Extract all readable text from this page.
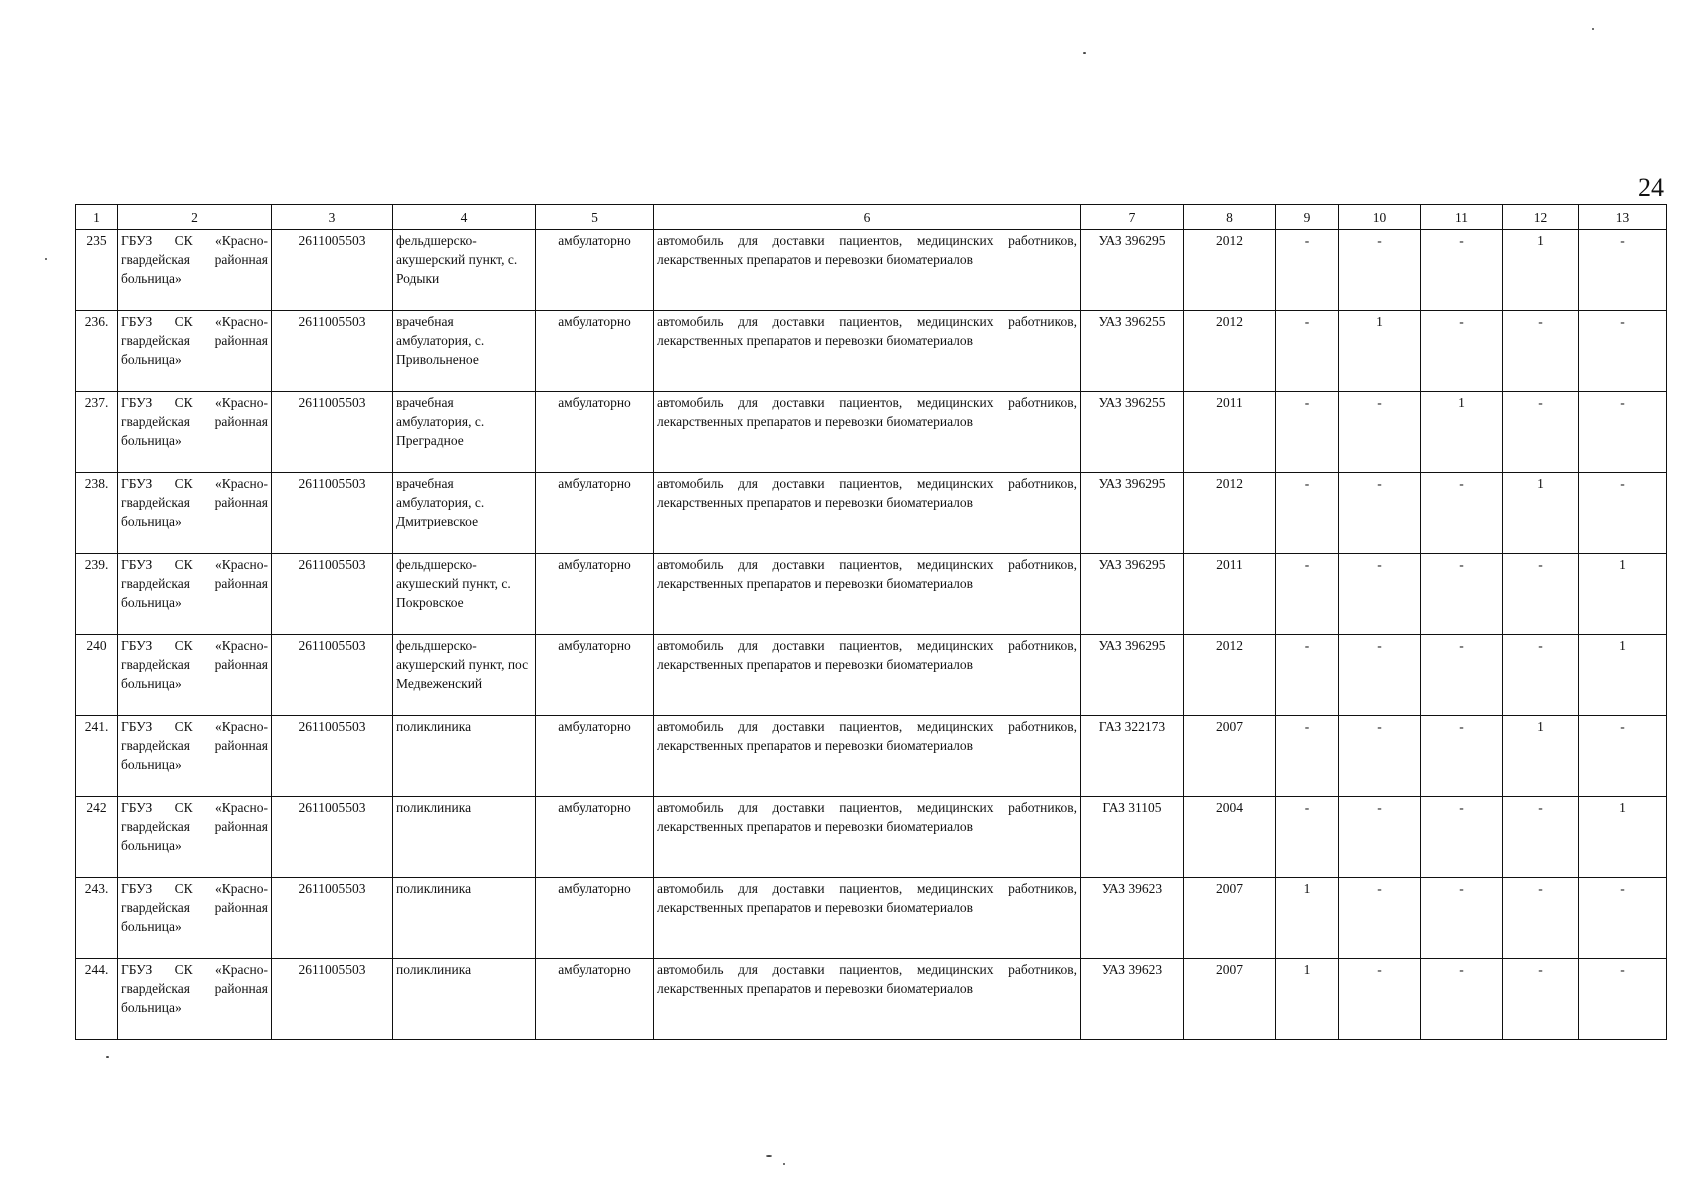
24
1	2	3	4	5	6	7	8	9	10	11	12	13
235	ГБУЗ СК «Красно-гвардейская районная больница»	2611005503	фельдшерско-акушерский пункт, с. Родыки	амбулаторно	автомобиль для доставки пациентов, медицинских работников, лекарственных препаратов и перевозки биоматериалов	УАЗ 396295	2012	-	-	-	1	-
236.	ГБУЗ СК «Красно-гвардейская районная больница»	2611005503	врачебная амбулатория, с. Привольненое	амбулаторно	автомобиль для доставки пациентов, медицинских работников, лекарственных препаратов и перевозки биоматериалов	УАЗ 396255	2012	-	1	-	-	-
237.	ГБУЗ СК «Красно-гвардейская районная больница»	2611005503	врачебная амбулатория, с. Преградное	амбулаторно	автомобиль для доставки пациентов, медицинских работников, лекарственных препаратов и перевозки биоматериалов	УАЗ 396255	2011	-	-	1	-	-
238.	ГБУЗ СК «Красно-гвардейская районная больница»	2611005503	врачебная амбулатория, с. Дмитриевское	амбулаторно	автомобиль для доставки пациентов, медицинских работников, лекарственных препаратов и перевозки биоматериалов	УАЗ 396295	2012	-	-	-	1	-
239.	ГБУЗ СК «Красно-гвардейская районная больница»	2611005503	фельдшерско-акушеский пункт, с. Покровское	амбулаторно	автомобиль для доставки пациентов, медицинских работников, лекарственных препаратов и перевозки биоматериалов	УАЗ 396295	2011	-	-	-	-	1
240	ГБУЗ СК «Красно-гвардейская районная больница»	2611005503	фельдшерско-акушерский пункт, пос Медвеженский	амбулаторно	автомобиль для доставки пациентов, медицинских работников, лекарственных препаратов и перевозки биоматериалов	УАЗ 396295	2012	-	-	-	-	1
241.	ГБУЗ СК «Красно-гвардейская районная больница»	2611005503	поликлиника	амбулаторно	автомобиль для доставки пациентов, медицинских работников, лекарственных препаратов и перевозки биоматериалов	ГАЗ 322173	2007	-	-	-	1	-
242	ГБУЗ СК «Красно-гвардейская районная больница»	2611005503	поликлиника	амбулаторно	автомобиль для доставки пациентов, медицинских работников, лекарственных препаратов и перевозки биоматериалов	ГАЗ 31105	2004	-	-	-	-	1
243.	ГБУЗ СК «Красно-гвардейская районная больница»	2611005503	поликлиника	амбулаторно	автомобиль для доставки пациентов, медицинских работников, лекарственных препаратов и перевозки биоматериалов	УАЗ 39623	2007	1	-	-	-	-
244.	ГБУЗ СК «Красно-гвардейская районная больница»	2611005503	поликлиника	амбулаторно	автомобиль для доставки пациентов, медицинских работников, лекарственных препаратов и перевозки биоматериалов	УАЗ 39623	2007	1	-	-	-	-
